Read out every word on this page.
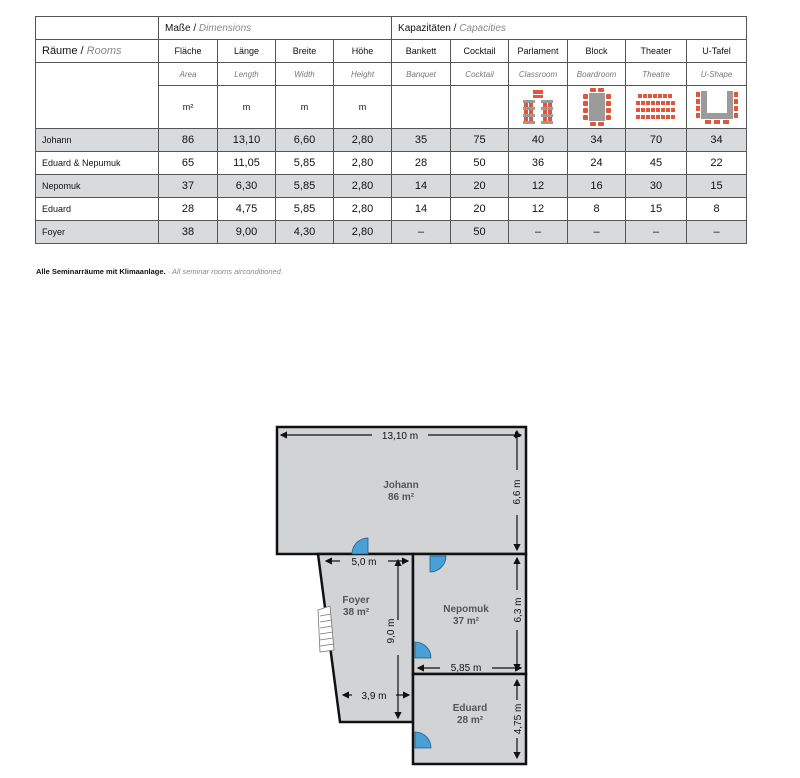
	Maße / Dimensions				Kapazitäten / Capacities					
Räume / Rooms	Fläche	Länge	Breite	Höhe	Bankett	Cocktail	Parlament	Block	Theater	U-Tafel
	Area	Length	Width	Height	Banquet	Cocktail	Classroom	Boardroom	Theatre	U-Shape
	m²	m	m	m			

Johann	86	13,10	6,60	2,80	35	75	40	34	70	34
Eduard & Nepumuk	65	11,05	5,85	2,80	28	50	36	24	45	22
Nepomuk	37	6,30	5,85	2,80	14	20	12	16	30	15
Eduard	28	4,75	5,85	2,80	14	20	12	8	15	8
Foyer	38	9,00	4,30	2,80	–	50	–	–	–	–
Alle Seminarräume mit Klimaanlage. · All seminar rooms airconditioned.
13,10 m
6,6 m
5,0 m
9,0 m
3,9 m
6,3 m
5,85 m
4,75 m
Johann
86 m²
Foyer
38 m²	Nepomuk
37 m²
Eduard
28 m²
